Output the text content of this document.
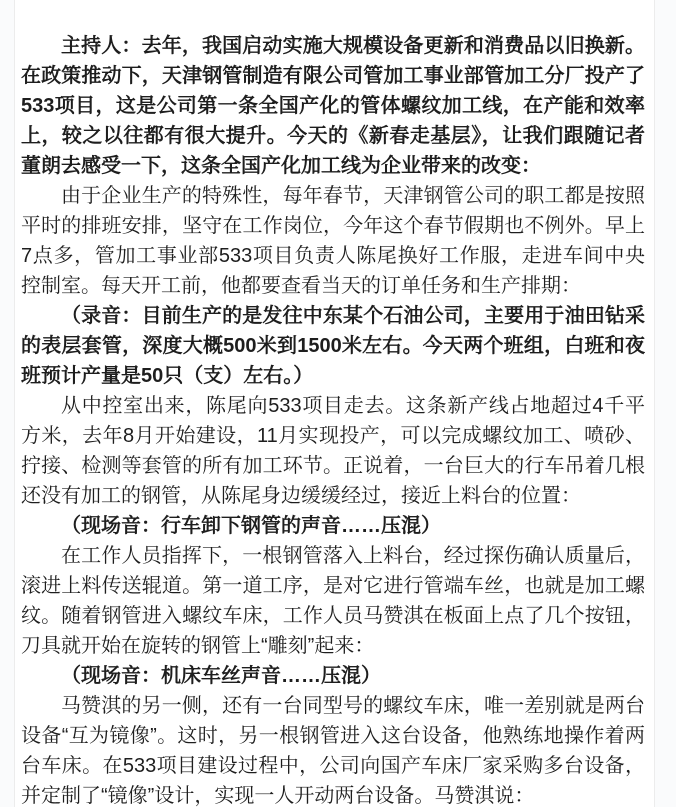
主持人：去年，我国启动实施大规模设备更新和消费品以旧换新。在政策推动下，天津钢管制造有限公司管加工事业部管加工分厂投产了533项目，这是公司第一条全国产化的管体螺纹加工线，在产能和效率上，较之以往都有很大提升。今天的《新春走基层》，让我们跟随记者董朗去感受一下，这条全国产化加工线为企业带来的改变：

由于企业生产的特殊性，每年春节，天津钢管公司的职工都是按照平时的排班安排，坚守在工作岗位，今年这个春节假期也不例外。早上7点多，管加工事业部533项目负责人陈尾换好工作服，走进车间中央控制室。每天开工前，他都要查看当天的订单任务和生产排期：

（录音：目前生产的是发往中东某个石油公司，主要用于油田钻采的表层套管，深度大概500米到1500米左右。今天两个班组，白班和夜班预计产量是50只（支）左右。）

从中控室出来，陈尾向533项目走去。这条新产线占地超过4千平方米，去年8月开始建设，11月实现投产，可以完成螺纹加工、喷砂、拧接、检测等套管的所有加工环节。正说着，一台巨大的行车吊着几根还没有加工的钢管，从陈尾身边缓缓经过，接近上料台的位置：

（现场音：行车卸下钢管的声音……压混）

在工作人员指挥下，一根钢管落入上料台，经过探伤确认质量后，滚进上料传送辊道。第一道工序，是对它进行管端车丝，也就是加工螺纹。随着钢管进入螺纹车床，工作人员马赞淇在板面上点了几个按钮，刀具就开始在旋转的钢管上“雕刻”起来：

（现场音：机床车丝声音……压混）

马赞淇的另一侧，还有一台同型号的螺纹车床，唯一差别就是两台设备“互为镜像”。这时，另一根钢管进入这台设备，他熟练地操作着两台车床。在533项目建设过程中，公司向国产车床厂家采购多台设备，并定制了“镜像”设计，实现一人开动两台设备。马赞淇说：
